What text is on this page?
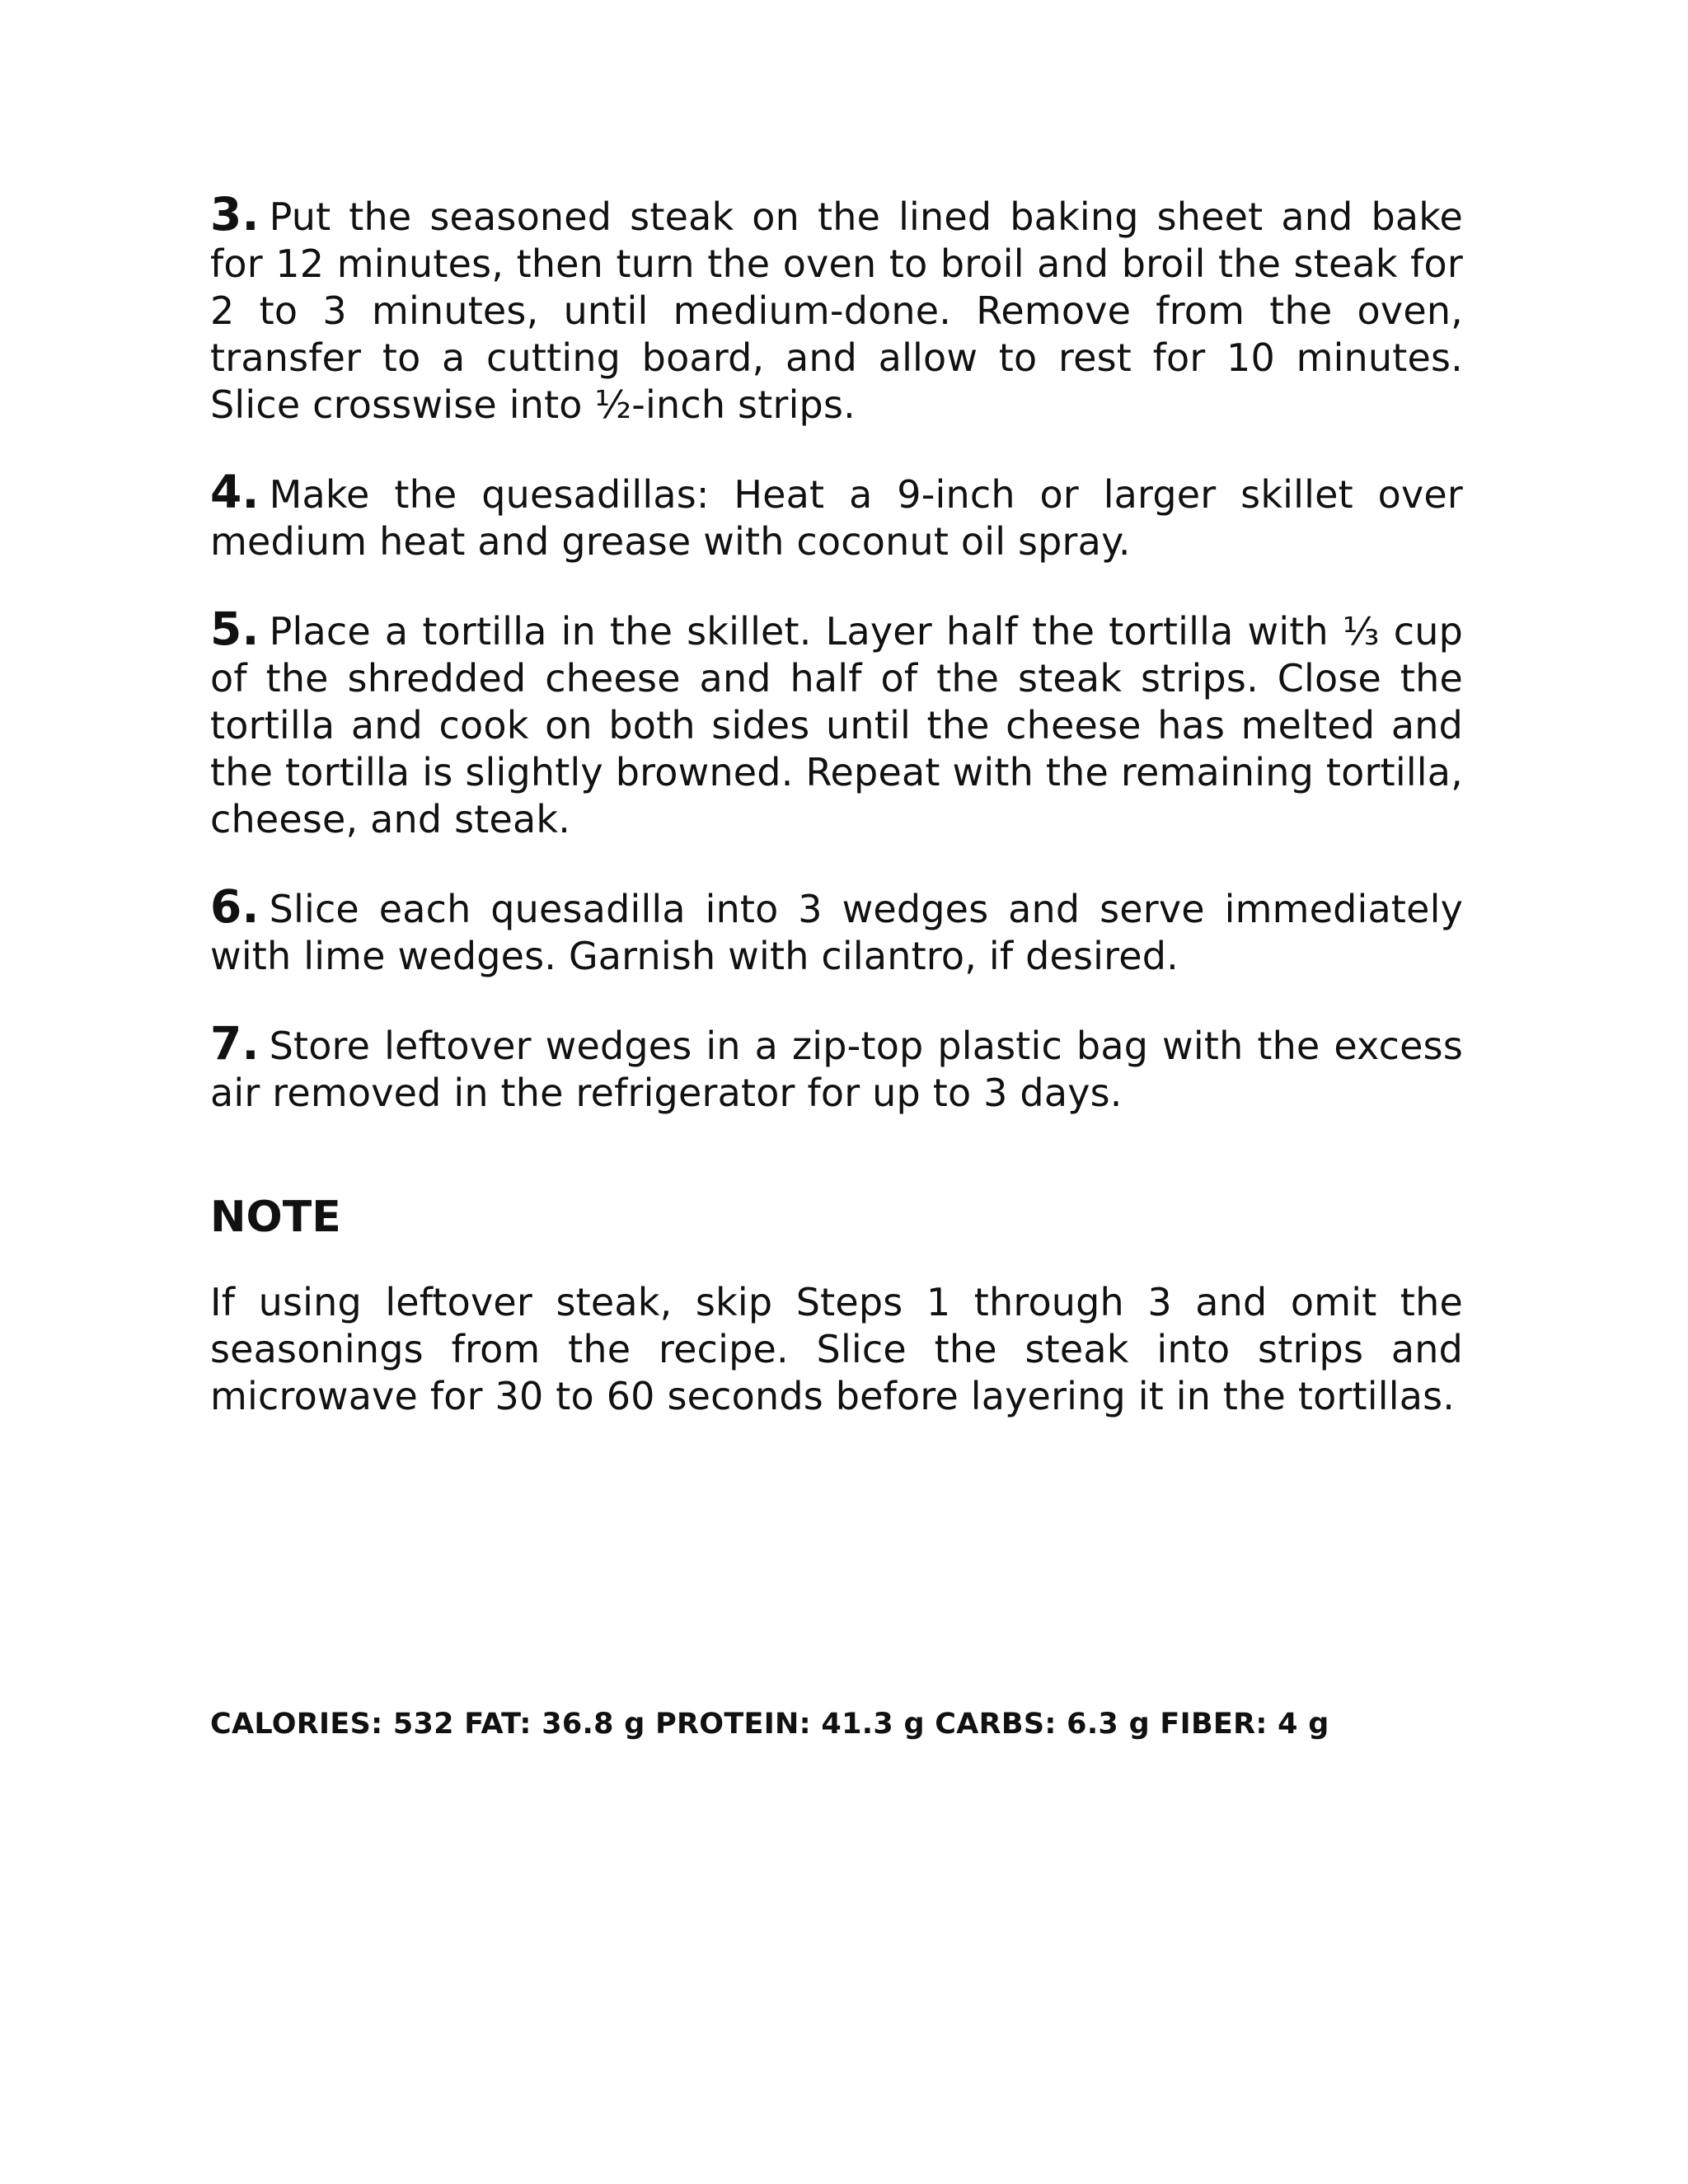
3. Put the seasoned steak on the lined baking sheet and bake for 12 minutes, then turn the oven to broil and broil the steak for 2 to 3 minutes, until medium-done. Remove from the oven, transfer to a cutting board, and allow to rest for 10 minutes. Slice crosswise into ½-inch strips.

4. Make the quesadillas: Heat a 9-inch or larger skillet over medium heat and grease with coconut oil spray.

5. Place a tortilla in the skillet. Layer half the tortilla with ⅓ cup of the shredded cheese and half of the steak strips. Close the tortilla and cook on both sides until the cheese has melted and the tortilla is slightly browned. Repeat with the remaining tortilla, cheese, and steak.

6. Slice each quesadilla into 3 wedges and serve immediately with lime wedges. Garnish with cilantro, if desired.

7. Store leftover wedges in a zip-top plastic bag with the excess air removed in the refrigerator for up to 3 days.

NOTE

If using leftover steak, skip Steps 1 through 3 and omit the seasonings from the recipe. Slice the steak into strips and microwave for 30 to 60 seconds before layering it in the tortillas.

CALORIES: 532 FAT: 36.8 g PROTEIN: 41.3 g CARBS: 6.3 g FIBER: 4 g
